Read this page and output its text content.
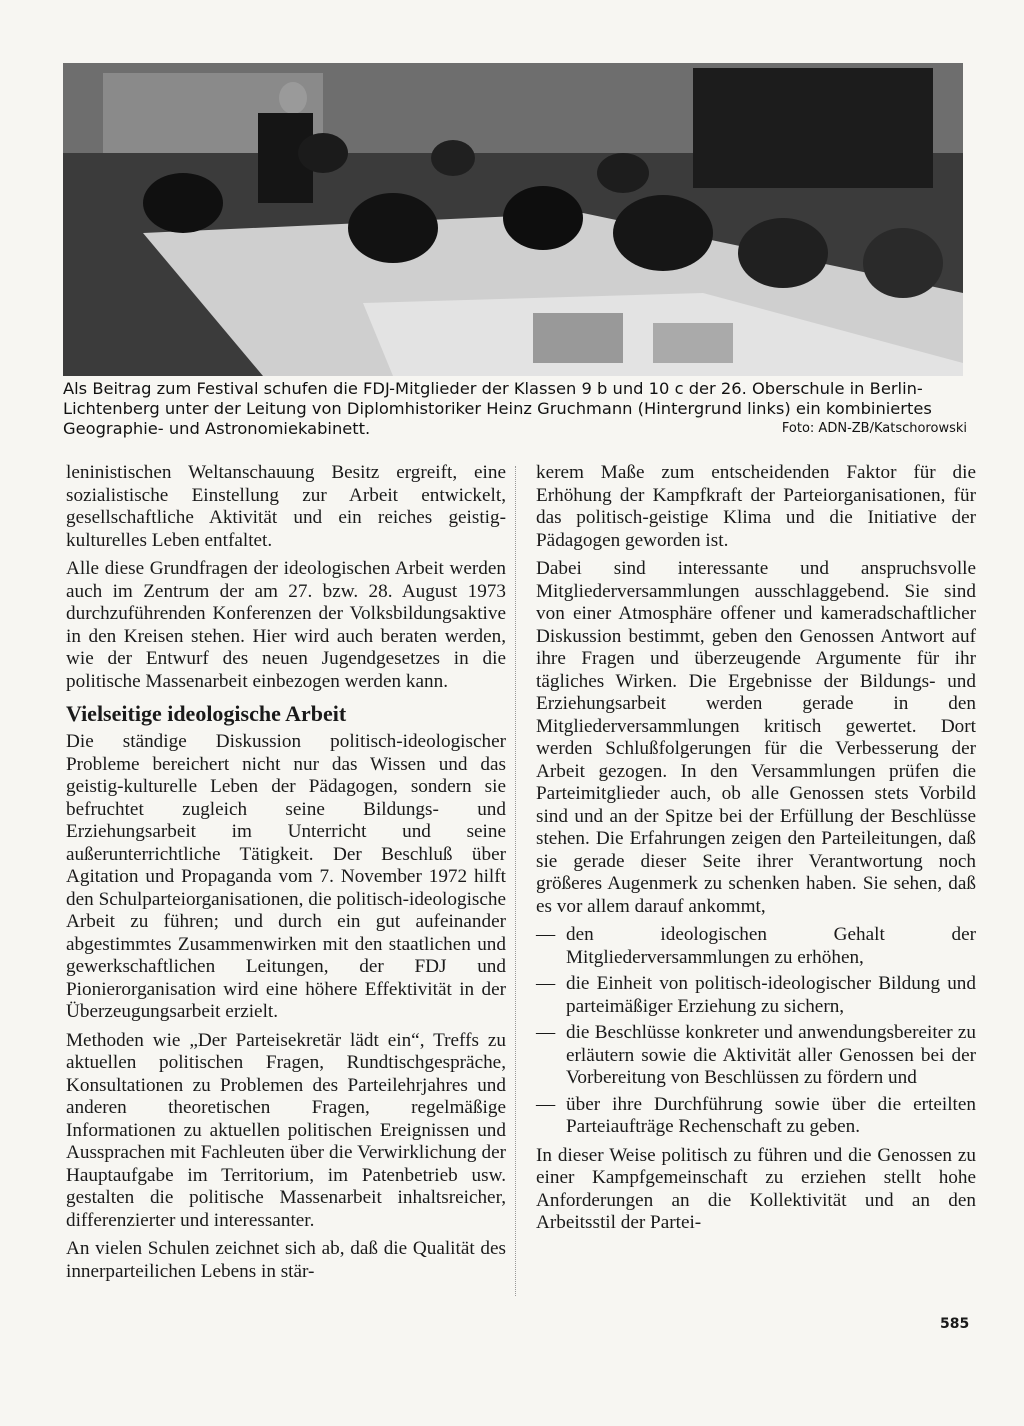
Als Beitrag zum Festival schufen die FDJ-Mitglieder der Klassen 9 b und 10 c der 26. Oberschule in Berlin-Lichtenberg unter der Leitung von Diplomhistoriker Heinz Gruchmann (Hintergrund links) ein kombiniertes Geographie- und Astronomiekabinett.	Foto: ADN-ZB/Katschorowski

leninistischen Weltanschauung Besitz ergreift, eine sozialistische Einstellung zur Arbeit entwickelt, gesellschaftliche Aktivität und ein reiches geistig-kulturelles Leben entfaltet.

Alle diese Grundfragen der ideologischen Arbeit werden auch im Zentrum der am 27. bzw. 28. August 1973 durchzuführenden Konferenzen der Volksbildungsaktive in den Kreisen stehen. Hier wird auch beraten werden, wie der Entwurf des neuen Jugendgesetzes in die politische Massenarbeit einbezogen werden kann.

Vielseitige ideologische Arbeit

Die ständige Diskussion politisch-ideologischer Probleme bereichert nicht nur das Wissen und das geistig-kulturelle Leben der Pädagogen, sondern sie befruchtet zugleich seine Bildungs- und Erziehungsarbeit im Unterricht und seine außerunterrichtliche Tätigkeit. Der Beschluß über Agitation und Propaganda vom 7. November 1972 hilft den Schulparteiorganisationen, die politisch-ideologische Arbeit zu führen; und durch ein gut aufeinander abgestimmtes Zusammenwirken mit den staatlichen und gewerkschaftlichen Leitungen, der FDJ und Pionierorganisation wird eine höhere Effektivität in der Überzeugungsarbeit erzielt.

Methoden wie „Der Parteisekretär lädt ein“, Treffs zu aktuellen politischen Fragen, Rundtischgespräche, Konsultationen zu Problemen des Parteilehrjahres und anderen theoretischen Fragen, regelmäßige Informationen zu aktuellen politischen Ereignissen und Aussprachen mit Fachleuten über die Verwirklichung der Hauptaufgabe im Territorium, im Patenbetrieb usw. gestalten die politische Massenarbeit inhaltsreicher, differenzierter und interessanter.

An vielen Schulen zeichnet sich ab, daß die Qualität des innerparteilichen Lebens in stär-

kerem Maße zum entscheidenden Faktor für die Erhöhung der Kampfkraft der Parteiorganisationen, für das politisch-geistige Klima und die Initiative der Pädagogen geworden ist.

Dabei sind interessante und anspruchsvolle Mitgliederversammlungen ausschlaggebend. Sie sind von einer Atmosphäre offener und kameradschaftlicher Diskussion bestimmt, geben den Genossen Antwort auf ihre Fragen und überzeugende Argumente für ihr tägliches Wirken. Die Ergebnisse der Bildungs- und Erziehungsarbeit werden gerade in den Mitgliederversammlungen kritisch gewertet. Dort werden Schlußfolgerungen für die Verbesserung der Arbeit gezogen. In den Versammlungen prüfen die Parteimitglieder auch, ob alle Genossen stets Vorbild sind und an der Spitze bei der Erfüllung der Beschlüsse stehen. Die Erfahrungen zeigen den Parteileitungen, daß sie gerade dieser Seite ihrer Verantwortung noch größeres Augenmerk zu schenken haben. Sie sehen, daß es vor allem darauf ankommt,

— den ideologischen Gehalt der Mitgliederversammlungen zu erhöhen,
— die Einheit von politisch-ideologischer Bildung und parteimäßiger Erziehung zu sichern,
— die Beschlüsse konkreter und anwendungsbereiter zu erläutern sowie die Aktivität aller Genossen bei der Vorbereitung von Beschlüssen zu fördern und
— über ihre Durchführung sowie über die erteilten Parteiaufträge Rechenschaft zu geben.

In dieser Weise politisch zu führen und die Genossen zu einer Kampfgemeinschaft zu erziehen stellt hohe Anforderungen an die Kollektivität und an den Arbeitsstil der Partei-

585
